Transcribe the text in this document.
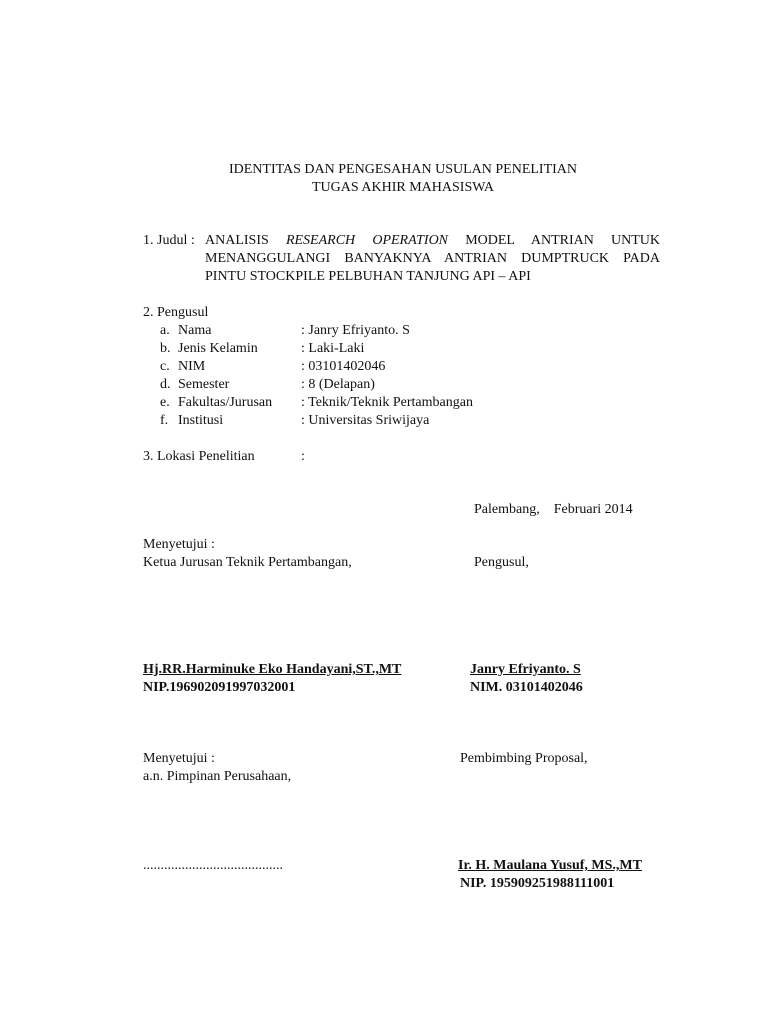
IDENTITAS DAN PENGESAHAN USULAN PENELITIAN
TUGAS AKHIR MAHASISWA
1. Judul : ANALISIS RESEARCH OPERATION MODEL ANTRIAN UNTUK
MENANGGULANGI BANYAKNYA ANTRIAN DUMPTRUCK PADA
PINTU STOCKPILE PELBUHAN TANJUNG API – API
2. Pengusul
a. Nama	: Janry Efriyanto. S
b. Jenis Kelamin	: Laki-Laki
c. NIM	: 03101402046
d. Semester	: 8 (Delapan)
e. Fakultas/Jurusan : Teknik/Teknik Pertambangan
f. Institusi	: Universitas Sriwijaya
3. Lokasi Penelitian	:
Palembang,    Februari 2014
Menyetujui :
Ketua Jurusan Teknik Pertambangan,	Pengusul,
Hj.RR.Harminuke Eko Handayani,ST.,MT
NIP.196902091997032001
Janry Efriyanto. S
NIM. 03101402046
Menyetujui :
a.n. Pimpinan Perusahaan,
Pembimbing Proposal,
........................................	Ir. H. Maulana Yusuf, MS.,MT
NIP. 195909251988111001
